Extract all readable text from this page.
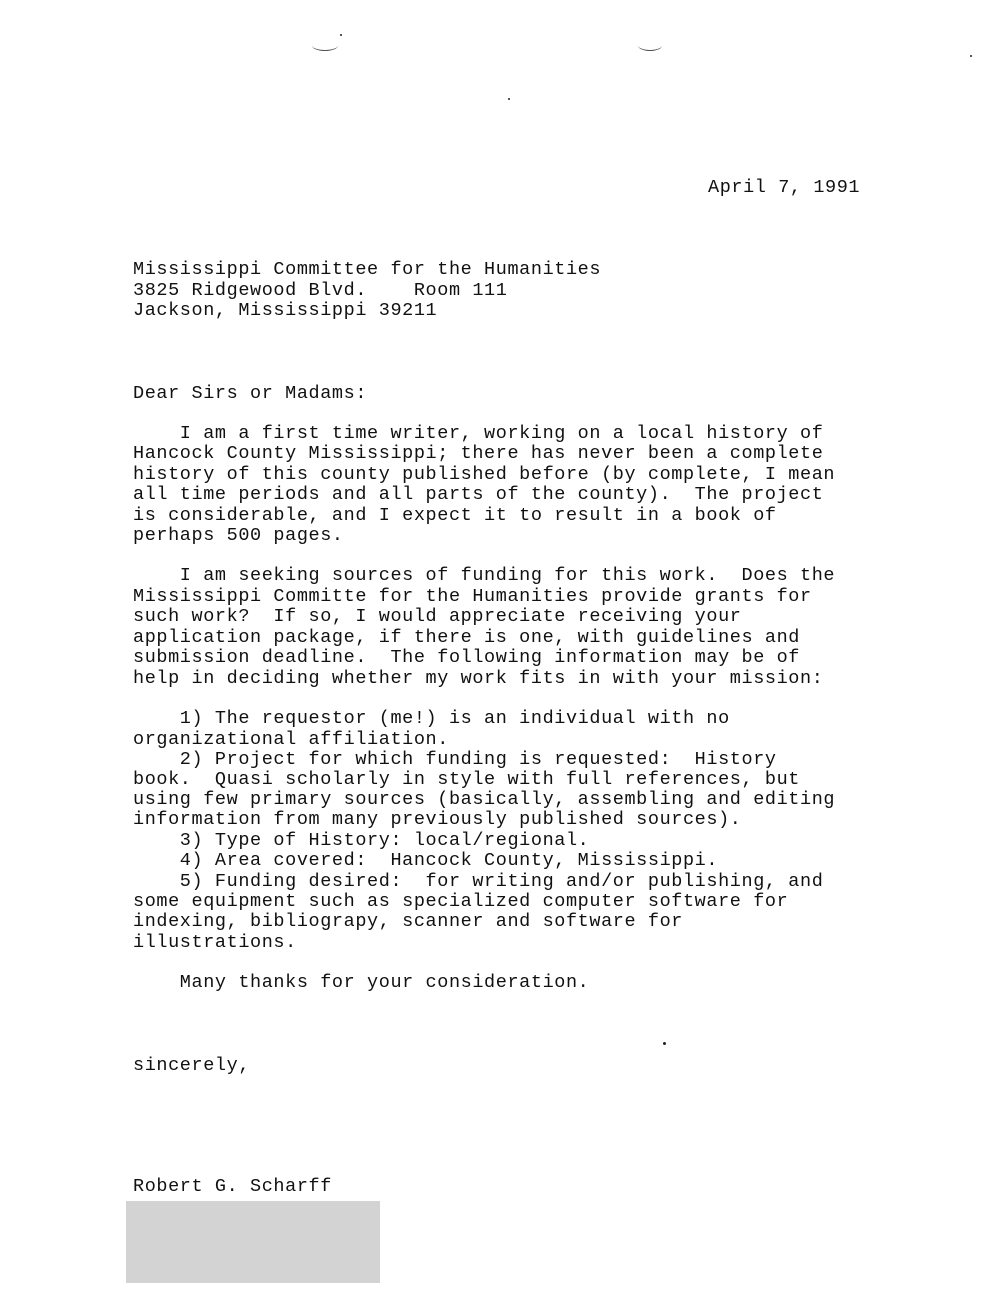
April 7, 1991
Mississippi Committee for the Humanities
3825 Ridgewood Blvd.    Room 111
Jackson, Mississippi 39211
Dear Sirs or Madams:
I am a first time writer, working on a local history of
Hancock County Mississippi; there has never been a complete
history of this county published before (by complete, I mean
all time periods and all parts of the county).  The project
is considerable, and I expect it to result in a book of
perhaps 500 pages.
I am seeking sources of funding for this work.  Does the
Mississippi Committe for the Humanities provide grants for
such work?  If so, I would appreciate receiving your
application package, if there is one, with guidelines and
submission deadline.  The following information may be of
help in deciding whether my work fits in with your mission:
1) The requestor (me!) is an individual with no
organizational affiliation.
2) Project for which funding is requested:  History
book.  Quasi scholarly in style with full references, but
using few primary sources (basically, assembling and editing
information from many previously published sources).
3) Type of History: local/regional.
4) Area covered:  Hancock County, Mississippi.
5) Funding desired:  for writing and/or publishing, and
some equipment such as specialized computer software for
indexing, bibliograpy, scanner and software for
illustrations.
Many thanks for your consideration.
sincerely,
Robert G. Scharff
